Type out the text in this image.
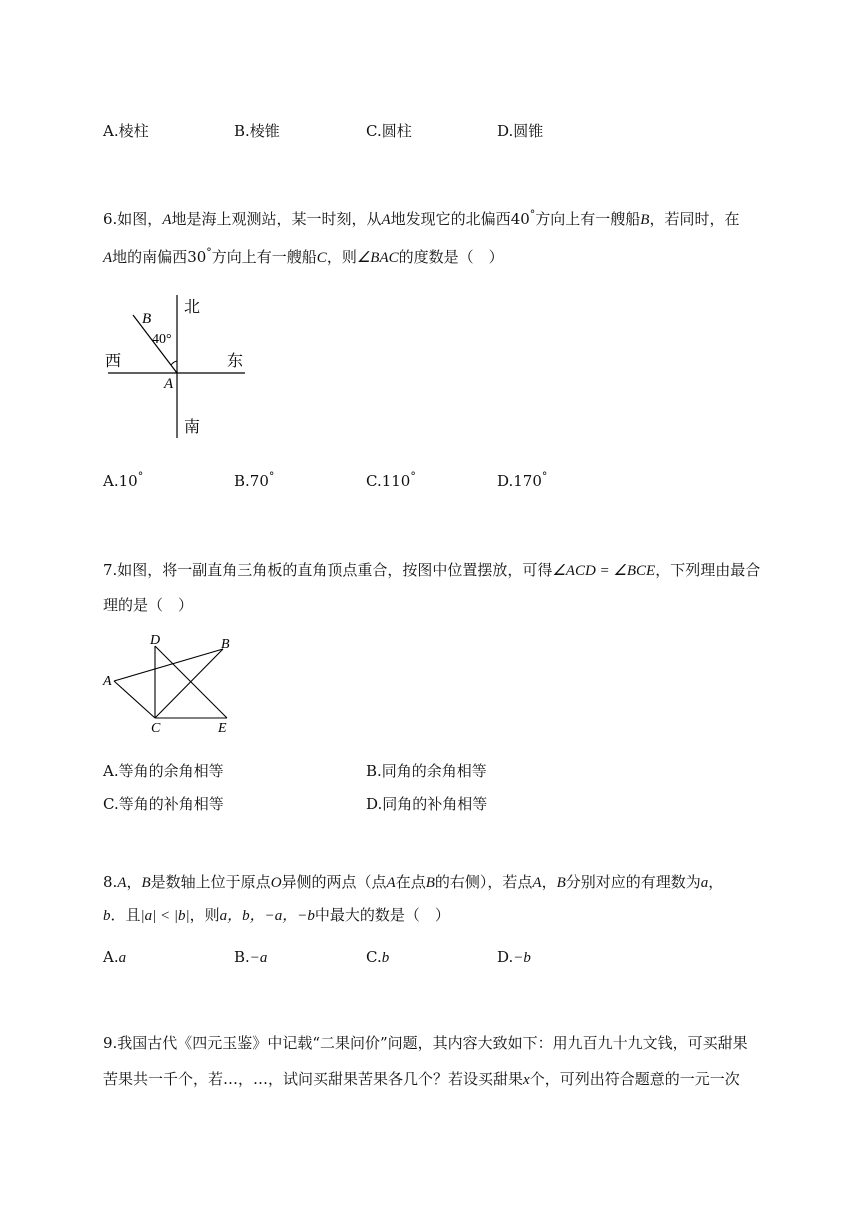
A.棱柱	B.棱锥	C.圆柱	D.圆锥
6.如图，A地是海上观测站，某一时刻，从A地发现它的北偏西40°方向上有一艘船B，若同时，在
A地的南偏西30°方向上有一艘船C，则∠BAC的度数是（　）
北
南
西	东
A
B
40°
A.10°	B.70°	C.110°	D.170°
7.如图，将一副直角三角板的直角顶点重合，按图中位置摆放，可得∠ACD = ∠BCE，下列理由最合
理的是（　）
D	B
A
C	E
A.等角的余角相等	B.同角的余角相等
C.等角的补角相等	D.同角的补角相等
8.A，B是数轴上位于原点O异侧的两点（点A在点B的右侧），若点A，B分别对应的有理数为a，
b．且|a| < |b|，则a，b，−a，−b中最大的数是（　）
A.a	B.−a	C.b	D.−b
9.我国古代《四元玉鉴》中记载“二果问价”问题，其内容大致如下：用九百九十九文钱，可买甜果
苦果共一千个，若…，…，试问买甜果苦果各几个？若设买甜果x个，可列出符合题意的一元一次
